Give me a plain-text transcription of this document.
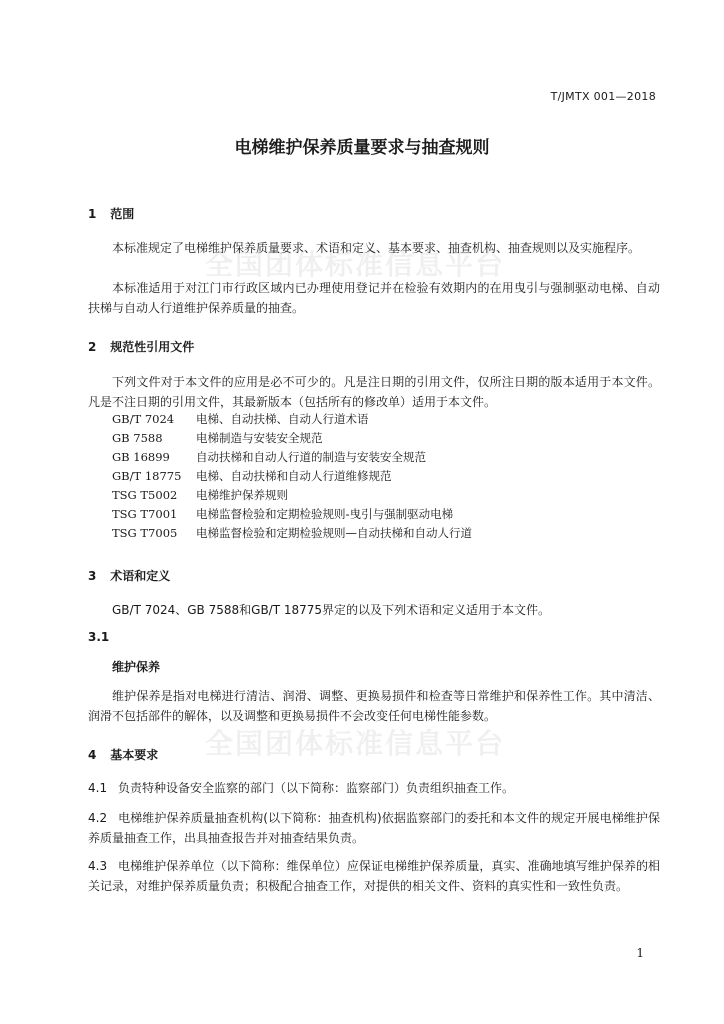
全国团体标准信息平台
全国团体标准信息平台
T/JMTX 001—2018
电梯维护保养质量要求与抽查规则
1 范围
本标准规定了电梯维护保养质量要求、术语和定义、基本要求、抽查机构、抽查规则以及实施程序。
本标准适用于对江门市行政区域内已办理使用登记并在检验有效期内的在用曳引与强制驱动电梯、自动扶梯与自动人行道维护保养质量的抽查。
2 规范性引用文件
下列文件对于本文件的应用是必不可少的。凡是注日期的引用文件，仅所注日期的版本适用于本文件。凡是不注日期的引用文件，其最新版本（包括所有的修改单）适用于本文件。
GB/T 7024 电梯、自动扶梯、自动人行道术语
GB 7588	电梯制造与安装安全规范
GB 16899 自动扶梯和自动人行道的制造与安装安全规范
GB/T 18775 电梯、自动扶梯和自动人行道维修规范
TSG T5002 电梯维护保养规则
TSG T7001 电梯监督检验和定期检验规则-曳引与强制驱动电梯
TSG T7005 电梯监督检验和定期检验规则—自动扶梯和自动人行道
3 术语和定义
GB/T 7024、GB 7588和GB/T 18775界定的以及下列术语和定义适用于本文件。
3.1
维护保养
维护保养是指对电梯进行清洁、润滑、调整、更换易损件和检查等日常维护和保养性工作。其中清洁、润滑不包括部件的解体，以及调整和更换易损件不会改变任何电梯性能参数。
4 基本要求
4.1 负责特种设备安全监察的部门（以下简称：监察部门）负责组织抽查工作。
4.2 电梯维护保养质量抽查机构(以下简称：抽查机构)依据监察部门的委托和本文件的规定开展电梯维护保养质量抽查工作，出具抽查报告并对抽查结果负责。
4.3 电梯维护保养单位（以下简称：维保单位）应保证电梯维护保养质量，真实、准确地填写维护保养的相关记录，对维护保养质量负责；积极配合抽查工作，对提供的相关文件、资料的真实性和一致性负责。
1
